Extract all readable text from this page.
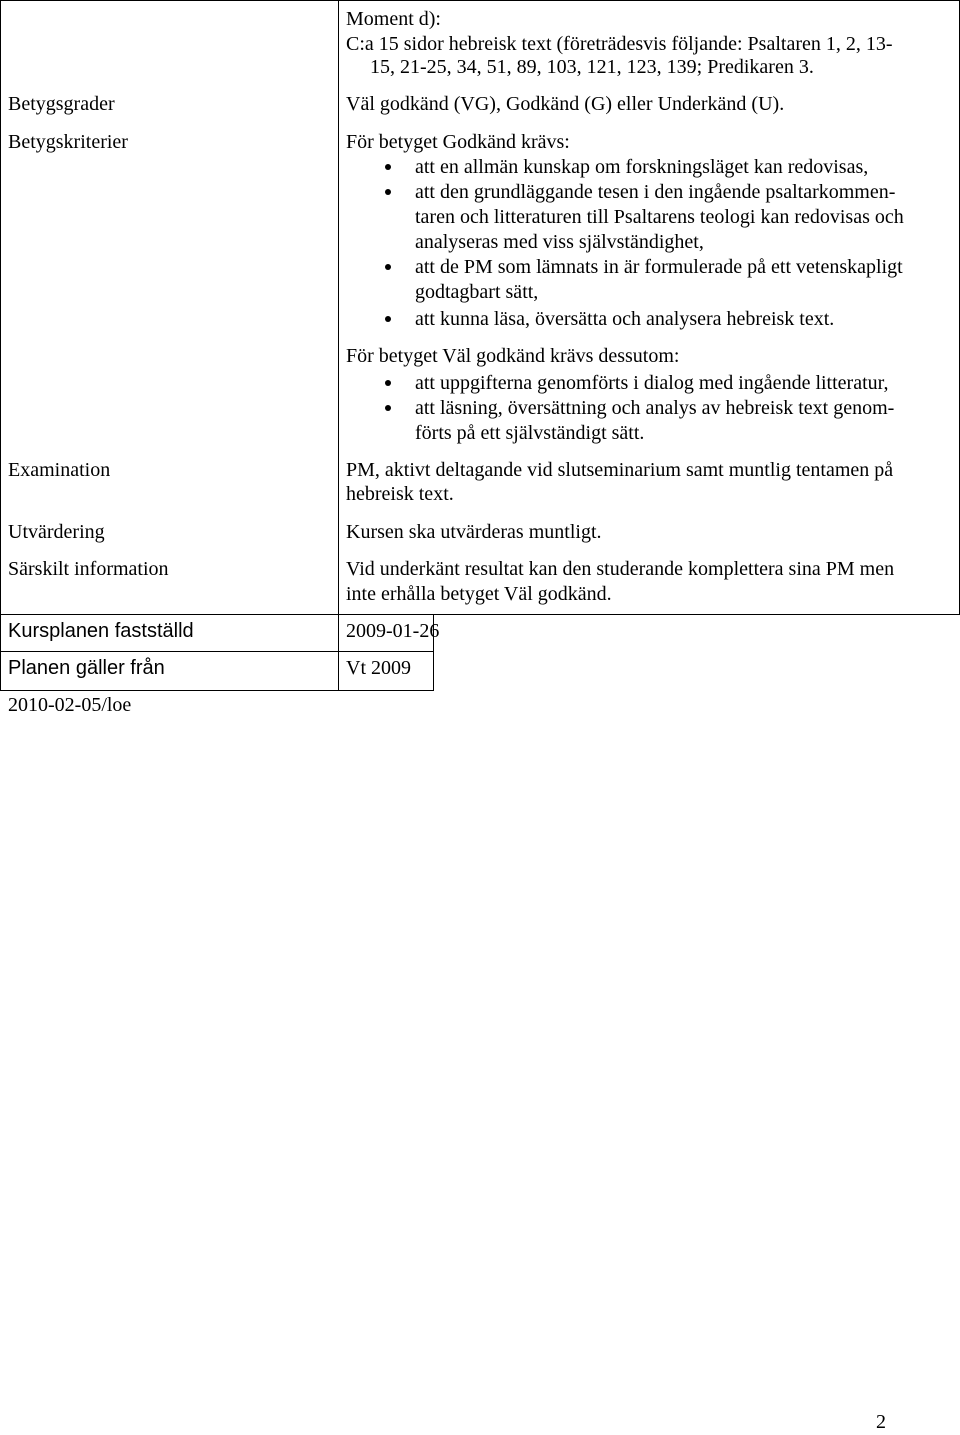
Moment d):
C:a 15 sidor hebreisk text (företrädesvis följande: Psaltaren 1, 2, 13-
15, 21-25, 34, 51, 89, 103, 121, 123, 139; Predikaren 3.
Betygsgrader	Väl godkänd (VG), Godkänd (G) eller Underkänd (U).
Betygskriterier	För betyget Godkänd krävs:
att en allmän kunskap om forskningsläget kan redovisas,
att den grundläggande tesen i den ingående psaltarkommen-
taren och litteraturen till Psaltarens teologi kan redovisas och
analyseras med viss självständighet,
att de PM som lämnats in är formulerade på ett vetenskapligt
godtagbart sätt,
att kunna läsa, översätta och analysera hebreisk text.
För betyget Väl godkänd krävs dessutom:
att uppgifterna genomförts i dialog med ingående litteratur,
att läsning, översättning och analys av hebreisk text genom-
förts på ett självständigt sätt.
Examination	PM, aktivt deltagande vid slutseminarium samt muntlig tentamen på
hebreisk text.
Utvärdering	Kursen ska utvärderas muntligt.
Särskilt information	Vid underkänt resultat kan den studerande komplettera sina PM men
inte erhålla betyget Väl godkänd.
Kursplanen fastställd	2009-01-26
Planen gäller från	Vt 2009
2010-02-05/loe
2
